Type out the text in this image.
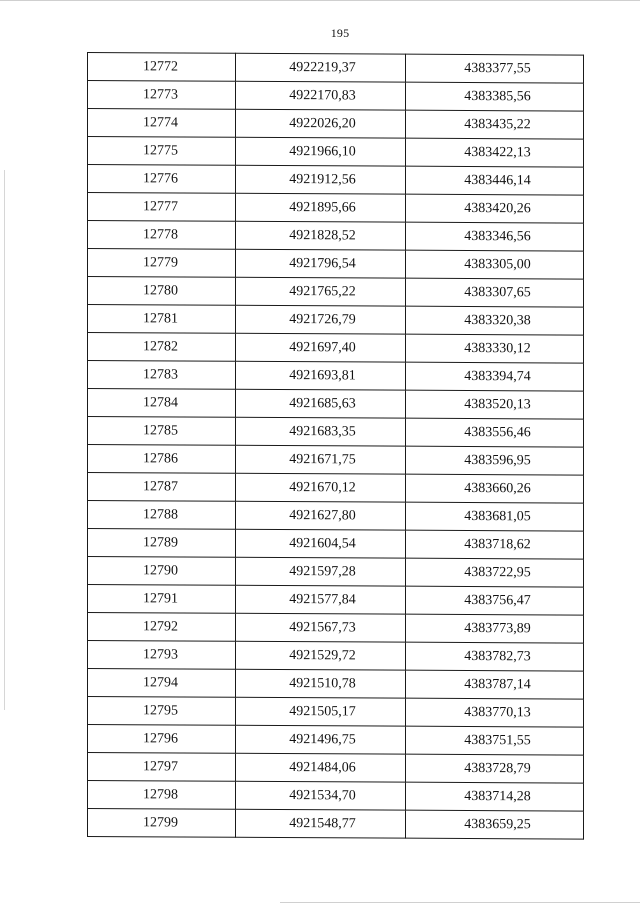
195
12772	4922219,37	4383377,55
12773	4922170,83	4383385,56
12774	4922026,20	4383435,22
12775	4921966,10	4383422,13
12776	4921912,56	4383446,14
12777	4921895,66	4383420,26
12778	4921828,52	4383346,56
12779	4921796,54	4383305,00
12780	4921765,22	4383307,65
12781	4921726,79	4383320,38
12782	4921697,40	4383330,12
12783	4921693,81	4383394,74
12784	4921685,63	4383520,13
12785	4921683,35	4383556,46
12786	4921671,75	4383596,95
12787	4921670,12	4383660,26
12788	4921627,80	4383681,05
12789	4921604,54	4383718,62
12790	4921597,28	4383722,95
12791	4921577,84	4383756,47
12792	4921567,73	4383773,89
12793	4921529,72	4383782,73
12794	4921510,78	4383787,14
12795	4921505,17	4383770,13
12796	4921496,75	4383751,55
12797	4921484,06	4383728,79
12798	4921534,70	4383714,28
12799	4921548,77	4383659,25
